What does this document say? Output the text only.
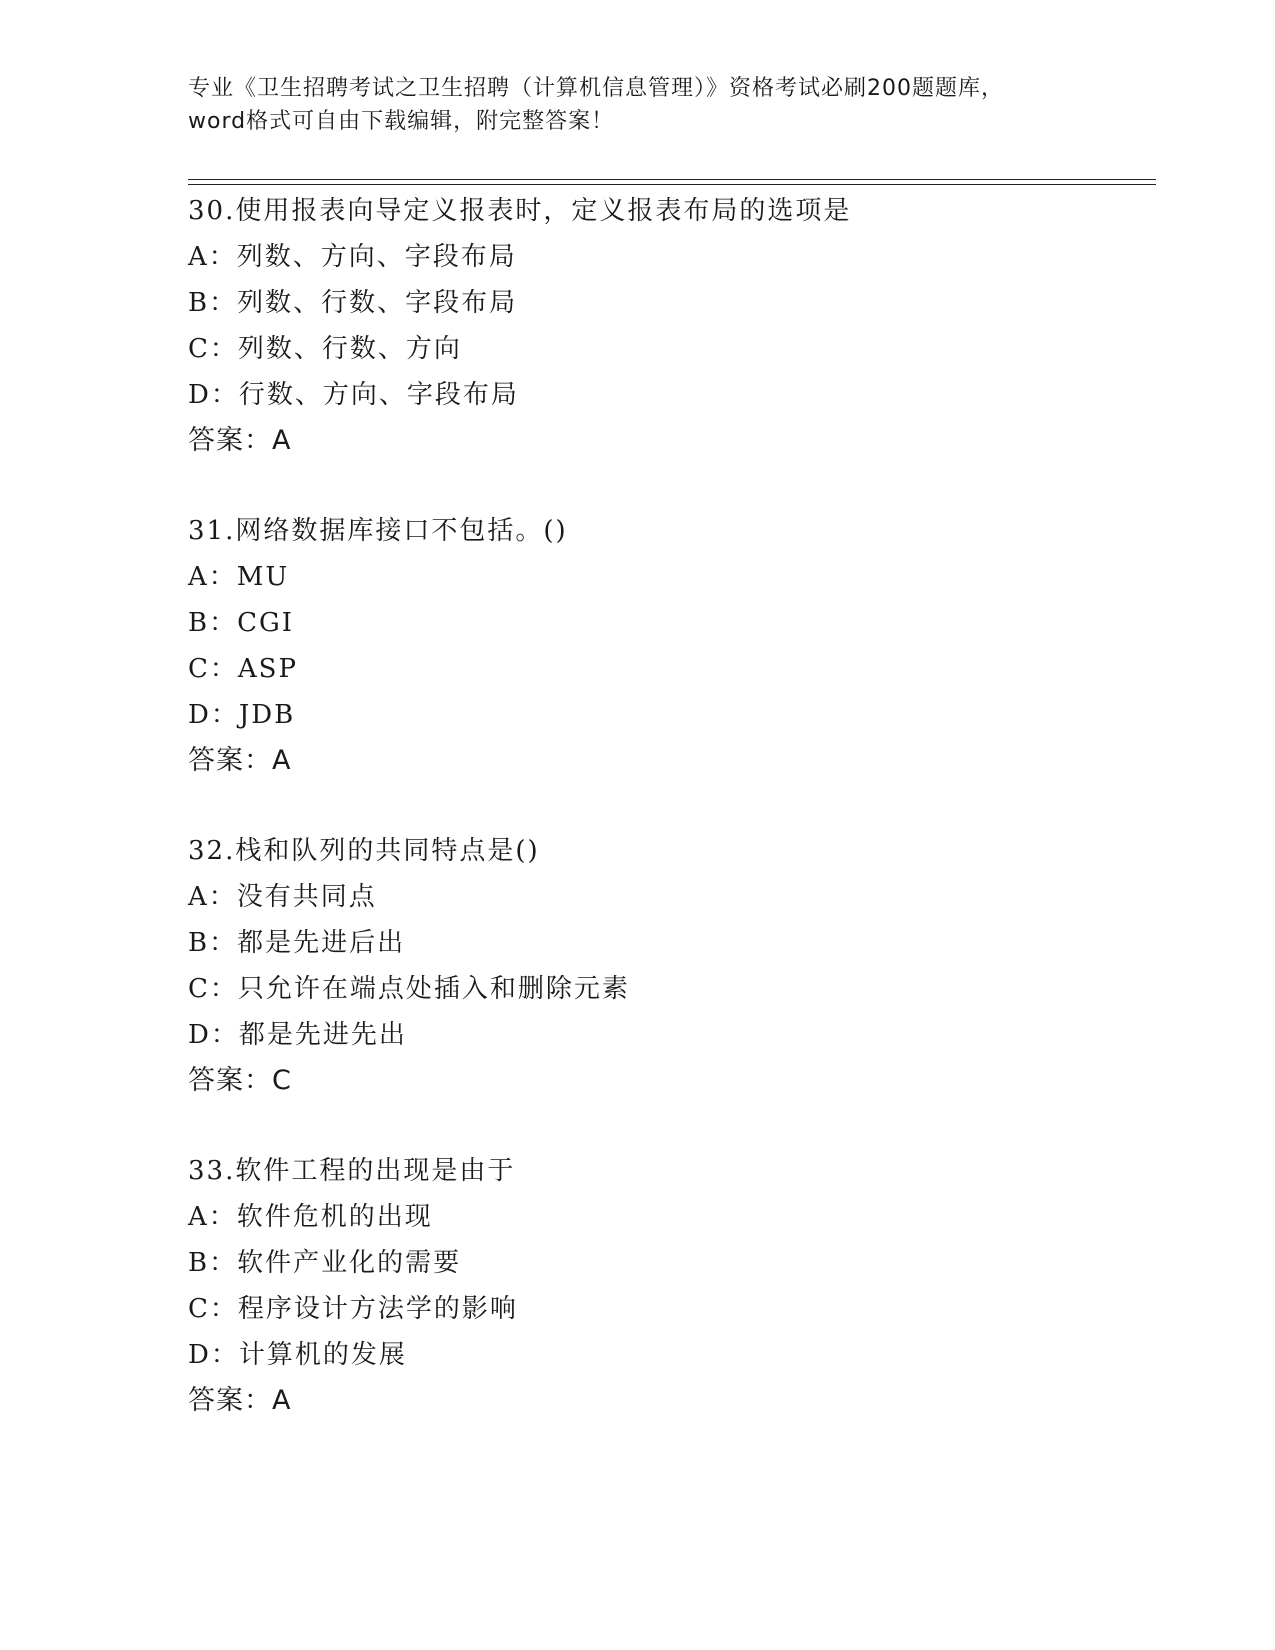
专业《卫生招聘考试之卫生招聘（计算机信息管理）》资格考试必刷200题题库，
word格式可自由下载编辑，附完整答案！
30.使用报表向导定义报表时，定义报表布局的选项是
A：列数、方向、字段布局
B：列数、行数、字段布局
C：列数、行数、方向
D：行数、方向、字段布局
答案：A
31.网络数据库接口不包括。()
A：MU
B：CGI
C：ASP
D：JDB
答案：A
32.栈和队列的共同特点是()
A：没有共同点
B：都是先进后出
C：只允许在端点处插入和删除元素
D：都是先进先出
答案：C
33.软件工程的出现是由于
A：软件危机的出现
B：软件产业化的需要
C：程序设计方法学的影响
D：计算机的发展
答案：A
